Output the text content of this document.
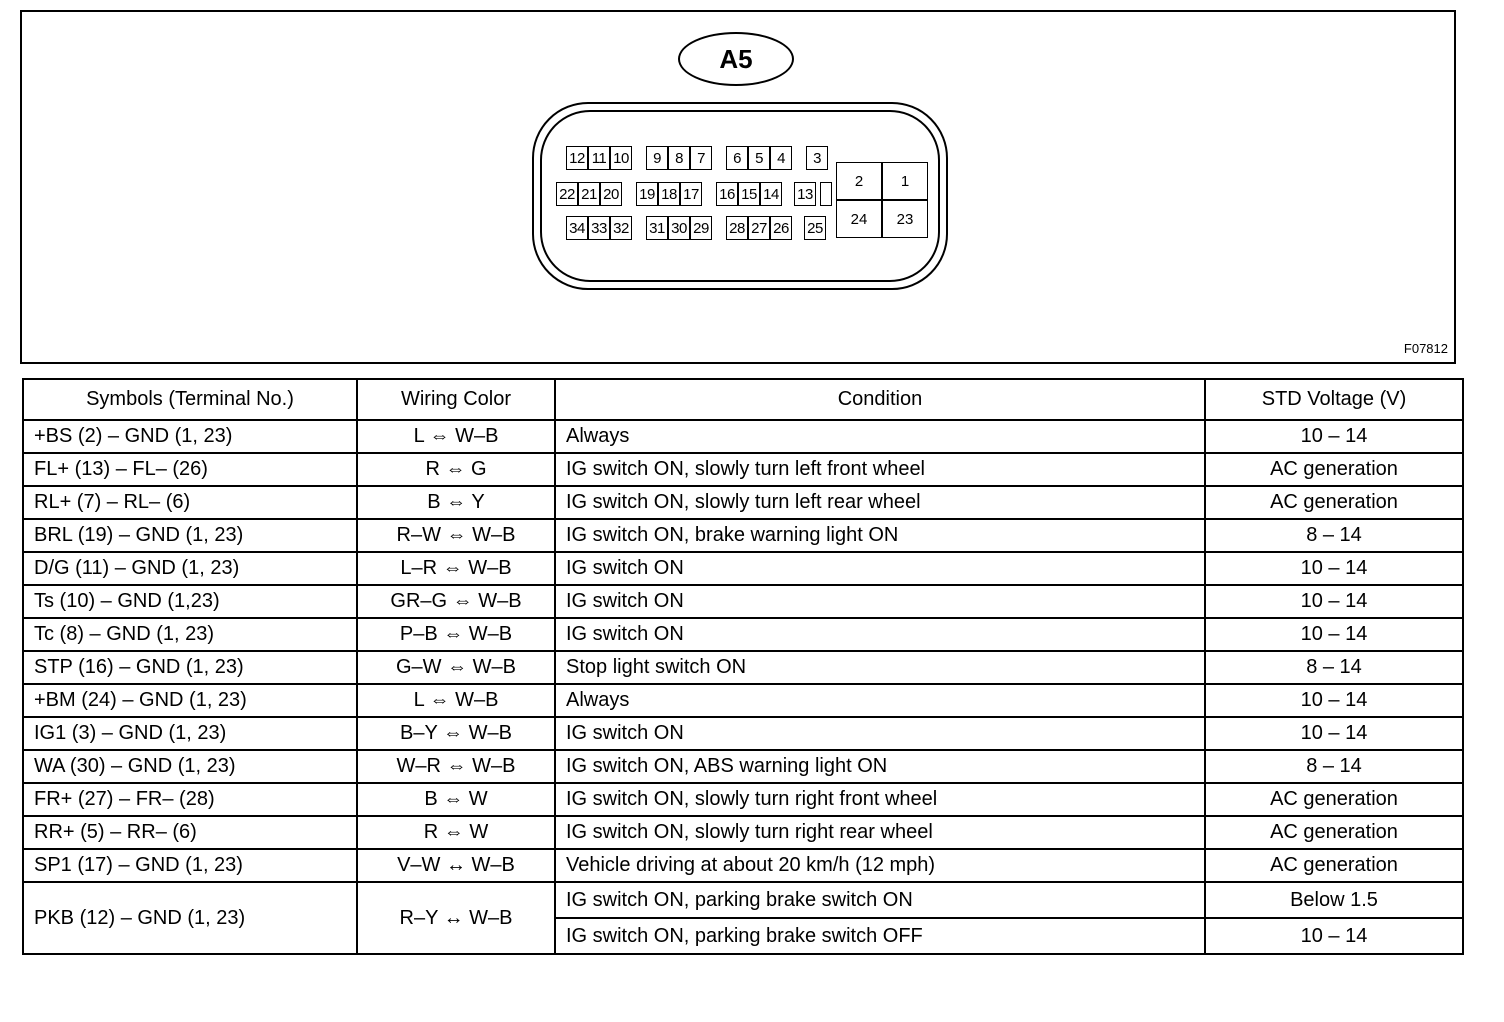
A5
12 11 10	9 8 7	6 5 4	3
22 21 20 19 18 17 16 15 14 13
34 33 32 31 30 29 28 27 26 25
2	1
24	23
F07812
Symbols (Terminal No.)	Wiring Color	Condition	STD Voltage (V)
+BS (2) – GND (1, 23)	L ⇔ W–B	Always	10 – 14
FL+ (13) – FL– (26)	R ⇔ G	IG switch ON, slowly turn left front wheel	AC generation
RL+ (7) – RL– (6)	B ⇔ Y	IG switch ON, slowly turn left rear wheel	AC generation
BRL (19) – GND (1, 23)	R–W ⇔ W–B	IG switch ON, brake warning light ON	8 – 14
D/G (11) – GND (1, 23)	L–R ⇔ W–B	IG switch ON	10 – 14
Ts (10) – GND (1,23)	GR–G ⇔ W–B	IG switch ON	10 – 14
Tc (8) – GND (1, 23)	P–B ⇔ W–B	IG switch ON	10 – 14
STP (16) – GND (1, 23)	G–W ⇔ W–B	Stop light switch ON	8 – 14
+BM (24) – GND (1, 23)	L ⇔ W–B	Always	10 – 14
IG1 (3) – GND (1, 23)	B–Y ⇔ W–B	IG switch ON	10 – 14
WA (30) – GND (1, 23)	W–R ⇔ W–B	IG switch ON, ABS warning light ON	8 – 14
FR+ (27) – FR– (28)	B ⇔ W	IG switch ON, slowly turn right front wheel	AC generation
RR+ (5) – RR– (6)	R ⇔ W	IG switch ON, slowly turn right rear wheel	AC generation
SP1 (17) – GND (1, 23)	V–W ↔ W–B	Vehicle driving at about 20 km/h (12 mph)	AC generation
PKB (12) – GND (1, 23)	R–Y ↔ W–B	IG switch ON, parking brake switch ON	Below 1.5
		IG switch ON, parking brake switch OFF	10 – 14
